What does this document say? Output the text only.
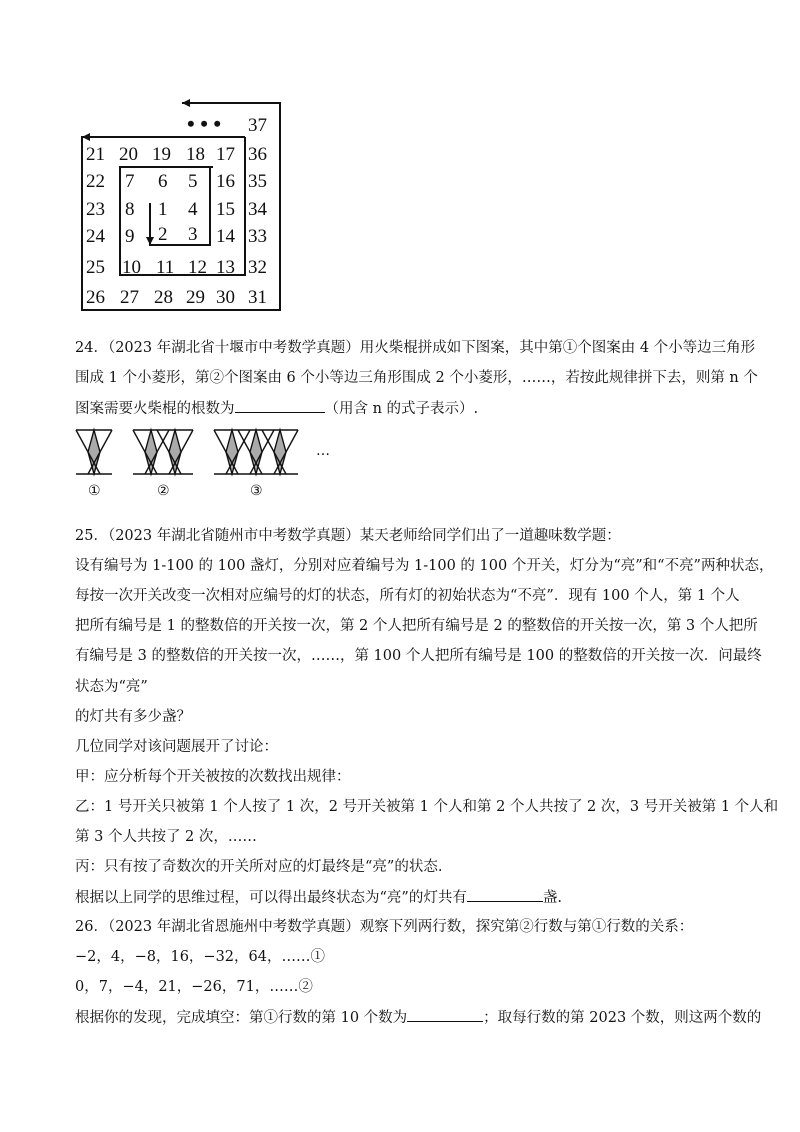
• • • 37
21 20 19 18 17 36
22 7 6 5 16 35
23 8 1 4 15 34
24 9 2 3 14 33
25 10 11 12 13 32
26 27 28 29 30 31
24．（2023 年湖北省十堰市中考数学真题）用火柴棍拼成如下图案，其中第①个图案由 4 个小等边三角形
围成 1 个小菱形，第②个图案由 6 个小等边三角形围成 2 个小菱形，……，若按此规律拼下去，则第 n 个
图案需要火柴棍的根数为	（用含 n 的式子表示）.
…
①	②	③
25．（2023 年湖北省随州市中考数学真题）某天老师给同学们出了一道趣味数学题：
设有编号为 1-100 的 100 盏灯，分别对应着编号为 1-100 的 100 个开关，灯分为“亮”和“不亮”两种状态，
每按一次开关改变一次相对应编号的灯的状态，所有灯的初始状态为“不亮”．现有 100 个人，第 1 个人
把所有编号是 1 的整数倍的开关按一次，第 2 个人把所有编号是 2 的整数倍的开关按一次，第 3 个人把所
有编号是 3 的整数倍的开关按一次，……，第 100 个人把所有编号是 100 的整数倍的开关按一次．问最终
状态为“亮”
的灯共有多少盏？
几位同学对该问题展开了讨论：
甲：应分析每个开关被按的次数找出规律：
乙：1 号开关只被第 1 个人按了 1 次，2 号开关被第 1 个人和第 2 个人共按了 2 次，3 号开关被第 1 个人和
第 3 个人共按了 2 次，……
丙：只有按了奇数次的开关所对应的灯最终是“亮”的状态.
根据以上同学的思维过程，可以得出最终状态为“亮”的灯共有	盏.
26．（2023 年湖北省恩施州中考数学真题）观察下列两行数，探究第②行数与第①行数的关系：
−2，4，−8，16，−32，64，……①
0，7，−4，21，−26，71，……②
根据你的发现，完成填空：第①行数的第 10 个数为	；取每行数的第 2023 个数，则这两个数的
